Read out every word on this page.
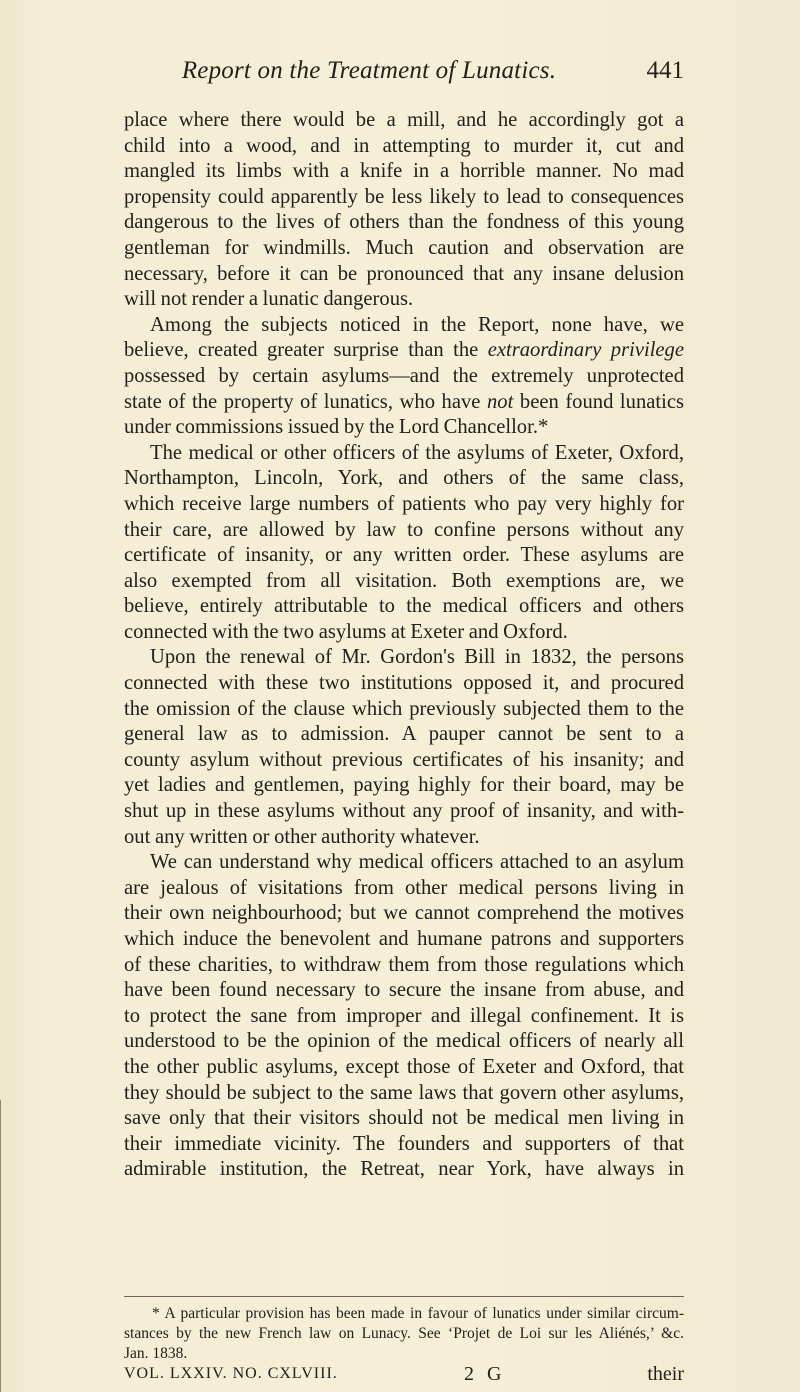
Report on the Treatment of Lunatics.	441
place where there would be a mill, and he accordingly got a
child into a wood, and in attempting to murder it, cut and
mangled its limbs with a knife in a horrible manner. No mad
propensity could apparently be less likely to lead to consequences
dangerous to the lives of others than the fondness of this young
gentleman for windmills. Much caution and observation are
necessary, before it can be pronounced that any insane delusion
will not render a lunatic dangerous.
Among the subjects noticed in the Report, none have, we
believe, created greater surprise than the extraordinary privilege
possessed by certain asylums—and the extremely unprotected
state of the property of lunatics, who have not been found lunatics
under commissions issued by the Lord Chancellor.*
The medical or other officers of the asylums of Exeter, Oxford,
Northampton, Lincoln, York, and others of the same class,
which receive large numbers of patients who pay very highly for
their care, are allowed by law to confine persons without any
certificate of insanity, or any written order. These asylums are
also exempted from all visitation. Both exemptions are, we
believe, entirely attributable to the medical officers and others
connected with the two asylums at Exeter and Oxford.
Upon the renewal of Mr. Gordon's Bill in 1832, the persons
connected with these two institutions opposed it, and procured
the omission of the clause which previously subjected them to the
general law as to admission. A pauper cannot be sent to a
county asylum without previous certificates of his insanity; and
yet ladies and gentlemen, paying highly for their board, may be
shut up in these asylums without any proof of insanity, and with-
out any written or other authority whatever.
We can understand why medical officers attached to an asylum
are jealous of visitations from other medical persons living in
their own neighbourhood; but we cannot comprehend the motives
which induce the benevolent and humane patrons and supporters
of these charities, to withdraw them from those regulations which
have been found necessary to secure the insane from abuse, and
to protect the sane from improper and illegal confinement. It is
understood to be the opinion of the medical officers of nearly all
the other public asylums, except those of Exeter and Oxford, that
they should be subject to the same laws that govern other asylums,
save only that their visitors should not be medical men living in
their immediate vicinity. The founders and supporters of that
admirable institution, the Retreat, near York, have always in
* A particular provision has been made in favour of lunatics under similar circum-
stances by the new French law on Lunacy. See ‘Projet de Loi sur les Aliénés,’ &c.
Jan. 1838.
VOL. LXXIV. NO. CXLVIII.	2 G	their
